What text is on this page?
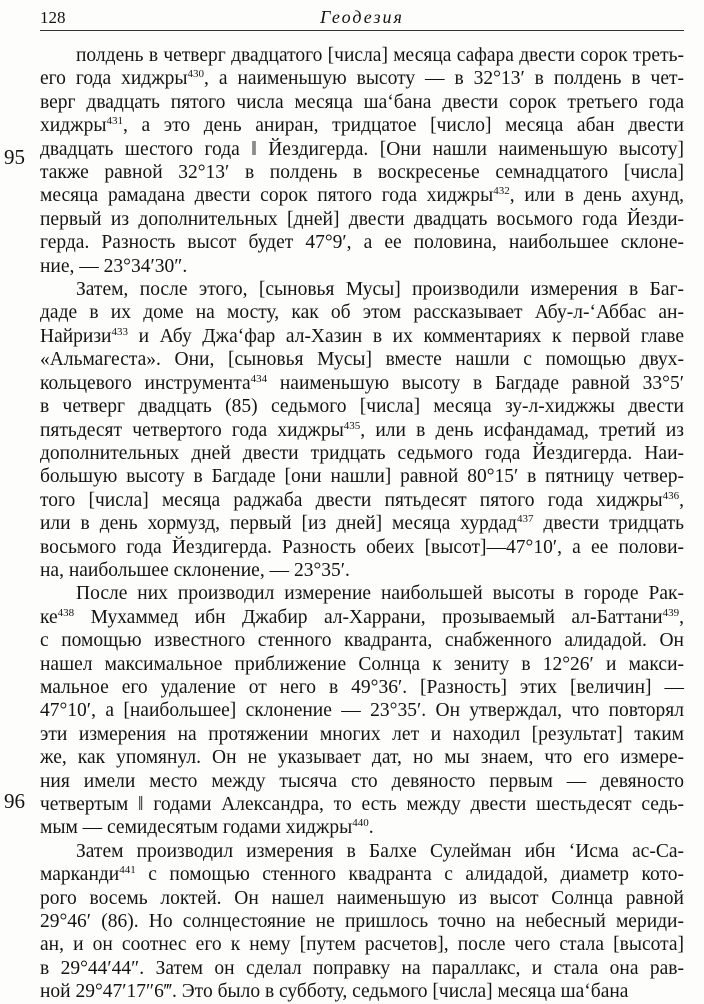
128	Геодезия
95
96
полдень в четверг двадцатого [числа] месяца сафара двести сорок треть-
его года хиджры$^{430}$, а наименьшую высоту — в 32°13′ в полдень в чет-
верг двадцать пятого числа месяца ша‘бана двести сорок третьего года
хиджры$^{431}$, а это день аниран, тридцатое [число] месяца абан двести
двадцать шестого года ‖ Йездигерда. [Они нашли наименьшую высоту]
также равной 32°13′ в полдень в воскресенье семнадцатого [числа]
месяца рамадана двести сорок пятого года хиджры$^{432}$, или в день ахунд,
первый из дополнительных [дней] двести двадцать восьмого года Йезди-
герда. Разность высот будет 47°9′, а ее половина, наибольшее склоне-
ние, — 23°34′30″.
Затем, после этого, [сыновья Мусы] производили измерения в Баг-
даде в их доме на мосту, как об этом рассказывает Абу-л-‘Аббас ан-
Найризи$^{433}$ и Абу Джа‘фар ал-Хазин в их комментариях к первой главе
«Альмагеста». Они, [сыновья Мусы] вместе нашли с помощью двух-
кольцевого инструмента$^{434}$ наименьшую высоту в Багдаде равной 33°5′
в четверг двадцать (85) седьмого [числа] месяца зу-л-хиджжы двести
пятьдесят четвертого года хиджры$^{435}$, или в день исфандамад, третий из
дополнительных дней двести тридцать седьмого года Йездигерда. Наи-
большую высоту в Багдаде [они нашли] равной 80°15′ в пятницу четвер-
того [числа] месяца раджаба двести пятьдесят пятого года хиджры$^{436}$,
или в день хормузд, первый [из дней] месяца хурдад$^{437}$ двести тридцать
восьмого года Йездигерда. Разность обеих [высот]—47°10′, а ее полови-
на, наибольшее склонение, — 23°35′.
После них производил измерение наибольшей высоты в городе Рак-
$ке^{438}$ Мухаммед ибн Джабир ал-Харрани, прозываемый ал-Баттани$^{439}$,
с помощью известного стенного квадранта, снабженного алидадой. Он
нашел максимальное приближение Солнца к зениту в 12°26′ и макси-
мальное его удаление от него в 49°36′. [Разность] этих [величин] —
47°10′, а [наибольшее] склонение — 23°35′. Он утверждал, что повторял
эти измерения на протяжении многих лет и находил [результат] таким
же, как упомянул. Он не указывает дат, но мы знаем, что его измере-
ния имели место между тысяча сто девяносто первым — девяносто
четвертым ‖ годами Александра, то есть между двести шестьдесят седь-
мым — семидесятым годами хиджры$^{440}$.
Затем производил измерения в Балхе Сулейман ибн ‘Исма ас-Са-
марканди$^{441}$ с помощью стенного квадранта с алидадой, диаметр кото-
рого восемь локтей. Он нашел наименьшую из высот Солнца равной
29°46′ (86). Но солнцестояние не пришлось точно на небесный мериди-
ан, и он соотнес его к нему [путем расчетов], после чего стала [высота]
в 29°44′44″. Затем он сделал поправку на параллакс, и стала она рав-
ной 29°47′17″6‴. Это было в субботу, седьмого [числа] месяца ша‘бана
